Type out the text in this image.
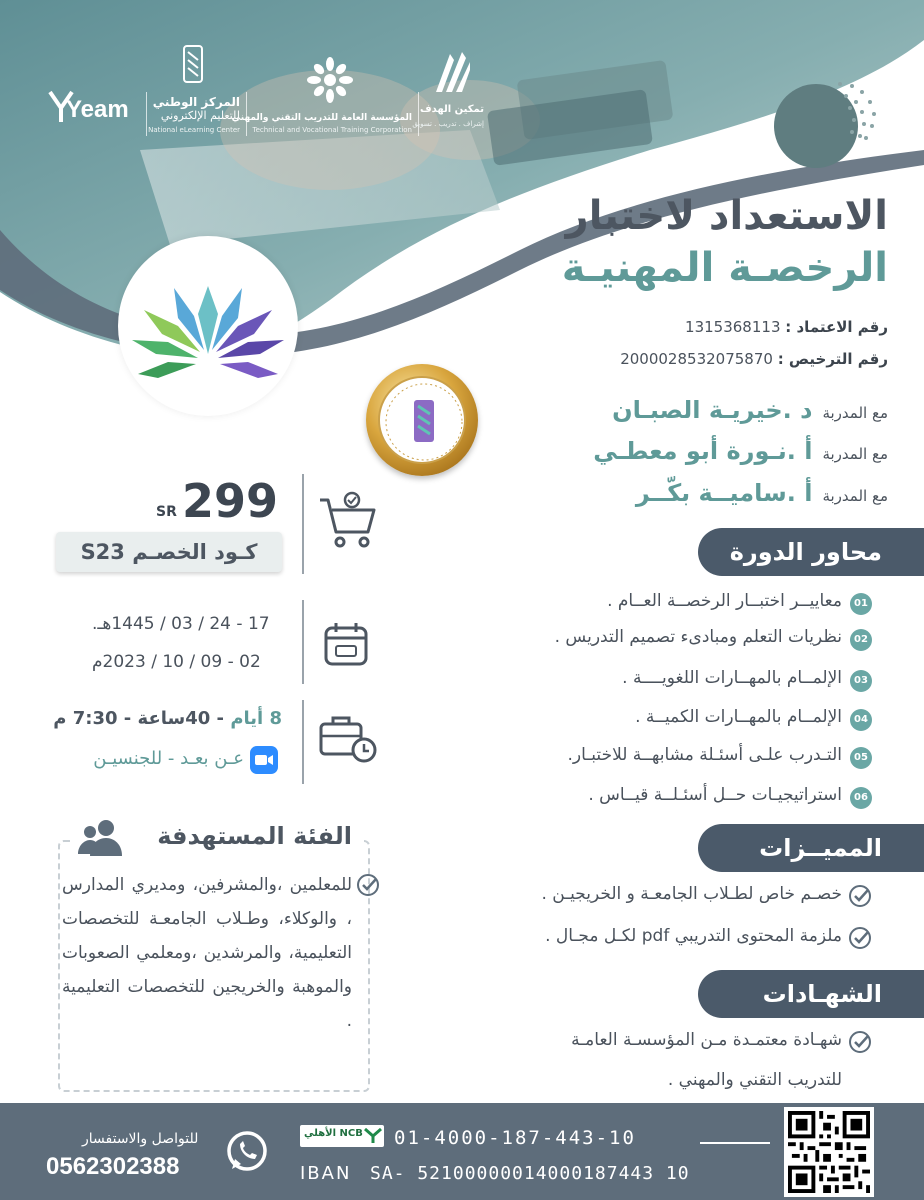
Yeam المركز الوطني
للتعليم الإلكتروني
National eLearning Center
المؤسسة العامة للتدريب التقني والمهني
Technical and Vocational Training Corporation
تمكين الهدف
إشراف . تدريب . تسويق
الاستعداد لاختبار
الرخصـة المهنيـة
رقم الاعتماد : 1315368113
رقم الترخيص : 2000028532075870
مع المدربة
د .خيريـة الصبـان
مع المدربة
أ .نـورة أبو معطـي
مع المدربة
أ .ساميــة بكّــر
SR 299
كـود الخصـم S23
17 - 24 / 03 / 1445هـ.
02 - 09 / 10 / 2023م
8 أيام - 40ساعة - 7:30 م
عـن بعـد - للجنسيـن
الفئة المستهدفة
للمعلمين ،والمشرفين، ومديري المدارس ، والوكلاء، وطـلاب الجامعـة للتخصصات التعليمية، والمرشدين ،ومعلمي الصعوبات والموهبة والخريجين للتخصصات التعليمية .
محاور الدورة
01
معاييــر اختبــار الرخصــة العــام .
02
نظريات التعلم ومبادىء تصميم التدريس .
03
الإلمــام بالمهــارات اللغويــــة .
04
الإلمــام بالمهــارات الكميــة .
05
التـدرب علـى أسئـلة مشابهــة للاختبـار.
06
استراتيجيـات حــل أسئـلــة قيــاس .
المميــزات
خصـم خاص لطـلاب الجامعـة و الخريجيـن .
ملزمة المحتوى التدريبي pdf لكـل مجـال .
الشهـادات
شهـادة معتمـدة مـن المؤسسـة العامـة
للتدريب التقني والمهني .
للتواصل والاستفسار
0562302388
الأهلي NCB 01-4000-187-443-10
IBAN SA- 52100000014000187443 10
